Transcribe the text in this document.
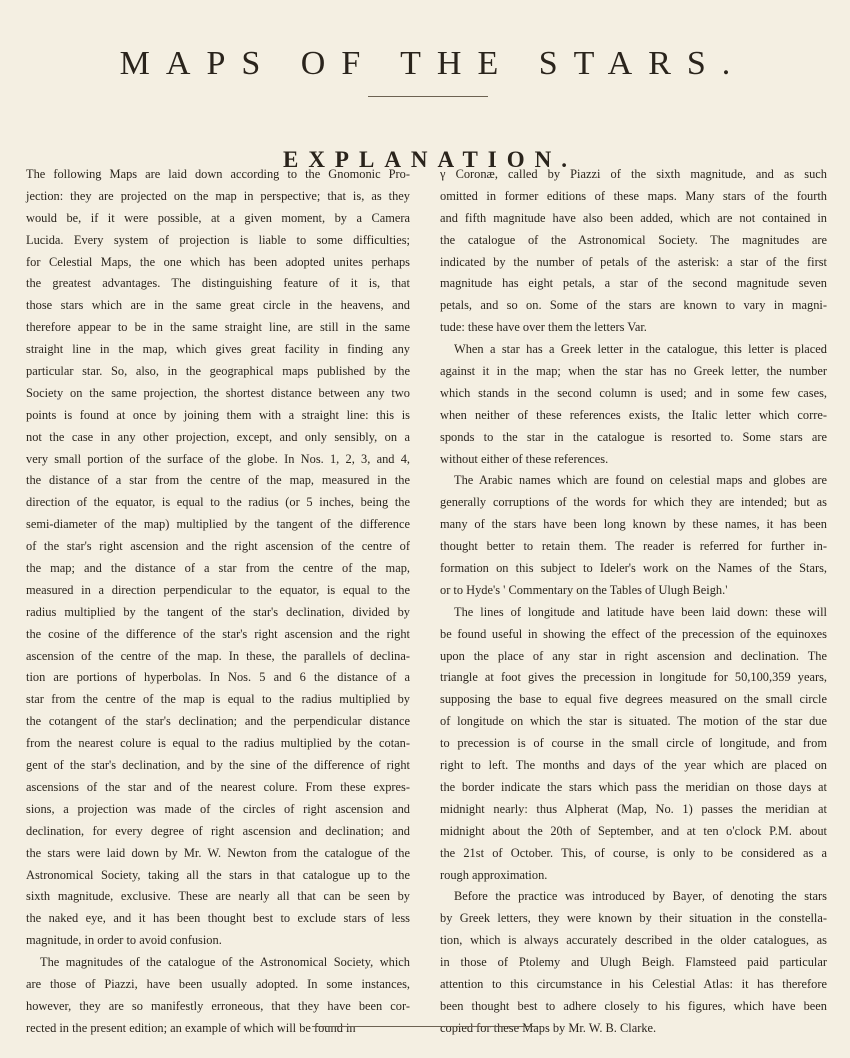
MAPS OF THE STARS.
EXPLANATION.
The following Maps are laid down according to the Gnomonic Pro-
jection: they are projected on the map in perspective; that is, as they
would be, if it were possible, at a given moment, by a Camera
Lucida. Every system of projection is liable to some difficulties;
for Celestial Maps, the one which has been adopted unites perhaps
the greatest advantages. The distinguishing feature of it is, that
those stars which are in the same great circle in the heavens, and
therefore appear to be in the same straight line, are still in the same
straight line in the map, which gives great facility in finding any
particular star. So, also, in the geographical maps published by the
Society on the same projection, the shortest distance between any two
points is found at once by joining them with a straight line: this is
not the case in any other projection, except, and only sensibly, on a
very small portion of the surface of the globe. In Nos. 1, 2, 3, and 4,
the distance of a star from the centre of the map, measured in the
direction of the equator, is equal to the radius (or 5 inches, being the
semi-diameter of the map) multiplied by the tangent of the difference
of the star's right ascension and the right ascension of the centre of
the map; and the distance of a star from the centre of the map,
measured in a direction perpendicular to the equator, is equal to the
radius multiplied by the tangent of the star's declination, divided by
the cosine of the difference of the star's right ascension and the right
ascension of the centre of the map. In these, the parallels of declina-
tion are portions of hyperbolas. In Nos. 5 and 6 the distance of a
star from the centre of the map is equal to the radius multiplied by
the cotangent of the star's declination; and the perpendicular distance
from the nearest colure is equal to the radius multiplied by the cotan-
gent of the star's declination, and by the sine of the difference of right
ascensions of the star and of the nearest colure. From these expres-
sions, a projection was made of the circles of right ascension and
declination, for every degree of right ascension and declination; and
the stars were laid down by Mr. W. Newton from the catalogue of the
Astronomical Society, taking all the stars in that catalogue up to the
sixth magnitude, exclusive. These are nearly all that can be seen by
the naked eye, and it has been thought best to exclude stars of less
magnitude, in order to avoid confusion.
The magnitudes of the catalogue of the Astronomical Society, which
are those of Piazzi, have been usually adopted. In some instances,
however, they are so manifestly erroneous, that they have been cor-
rected in the present edition; an example of which will be found in
γ Coronæ, called by Piazzi of the sixth magnitude, and as such
omitted in former editions of these maps. Many stars of the fourth
and fifth magnitude have also been added, which are not contained in
the catalogue of the Astronomical Society. The magnitudes are
indicated by the number of petals of the asterisk: a star of the first
magnitude has eight petals, a star of the second magnitude seven
petals, and so on. Some of the stars are known to vary in magni-
tude: these have over them the letters Var.
When a star has a Greek letter in the catalogue, this letter is placed
against it in the map; when the star has no Greek letter, the number
which stands in the second column is used; and in some few cases,
when neither of these references exists, the Italic letter which corre-
sponds to the star in the catalogue is resorted to. Some stars are
without either of these references.
The Arabic names which are found on celestial maps and globes are
generally corruptions of the words for which they are intended; but as
many of the stars have been long known by these names, it has been
thought better to retain them. The reader is referred for further in-
formation on this subject to Ideler's work on the Names of the Stars,
or to Hyde's ' Commentary on the Tables of Ulugh Beigh.'
The lines of longitude and latitude have been laid down: these will
be found useful in showing the effect of the precession of the equinoxes
upon the place of any star in right ascension and declination. The
triangle at foot gives the precession in longitude for 50,100,359 years,
supposing the base to equal five degrees measured on the small circle
of longitude on which the star is situated. The motion of the star due
to precession is of course in the small circle of longitude, and from
right to left. The months and days of the year which are placed on
the border indicate the stars which pass the meridian on those days at
midnight nearly: thus Alpherat (Map, No. 1) passes the meridian at
midnight about the 20th of September, and at ten o'clock P.M. about
the 21st of October. This, of course, is only to be considered as a
rough approximation.
Before the practice was introduced by Bayer, of denoting the stars
by Greek letters, they were known by their situation in the constella-
tion, which is always accurately described in the older catalogues, as
in those of Ptolemy and Ulugh Beigh. Flamsteed paid particular
attention to this circumstance in his Celestial Atlas: it has therefore
been thought best to adhere closely to his figures, which have been
copied for these Maps by Mr. W. B. Clarke.
